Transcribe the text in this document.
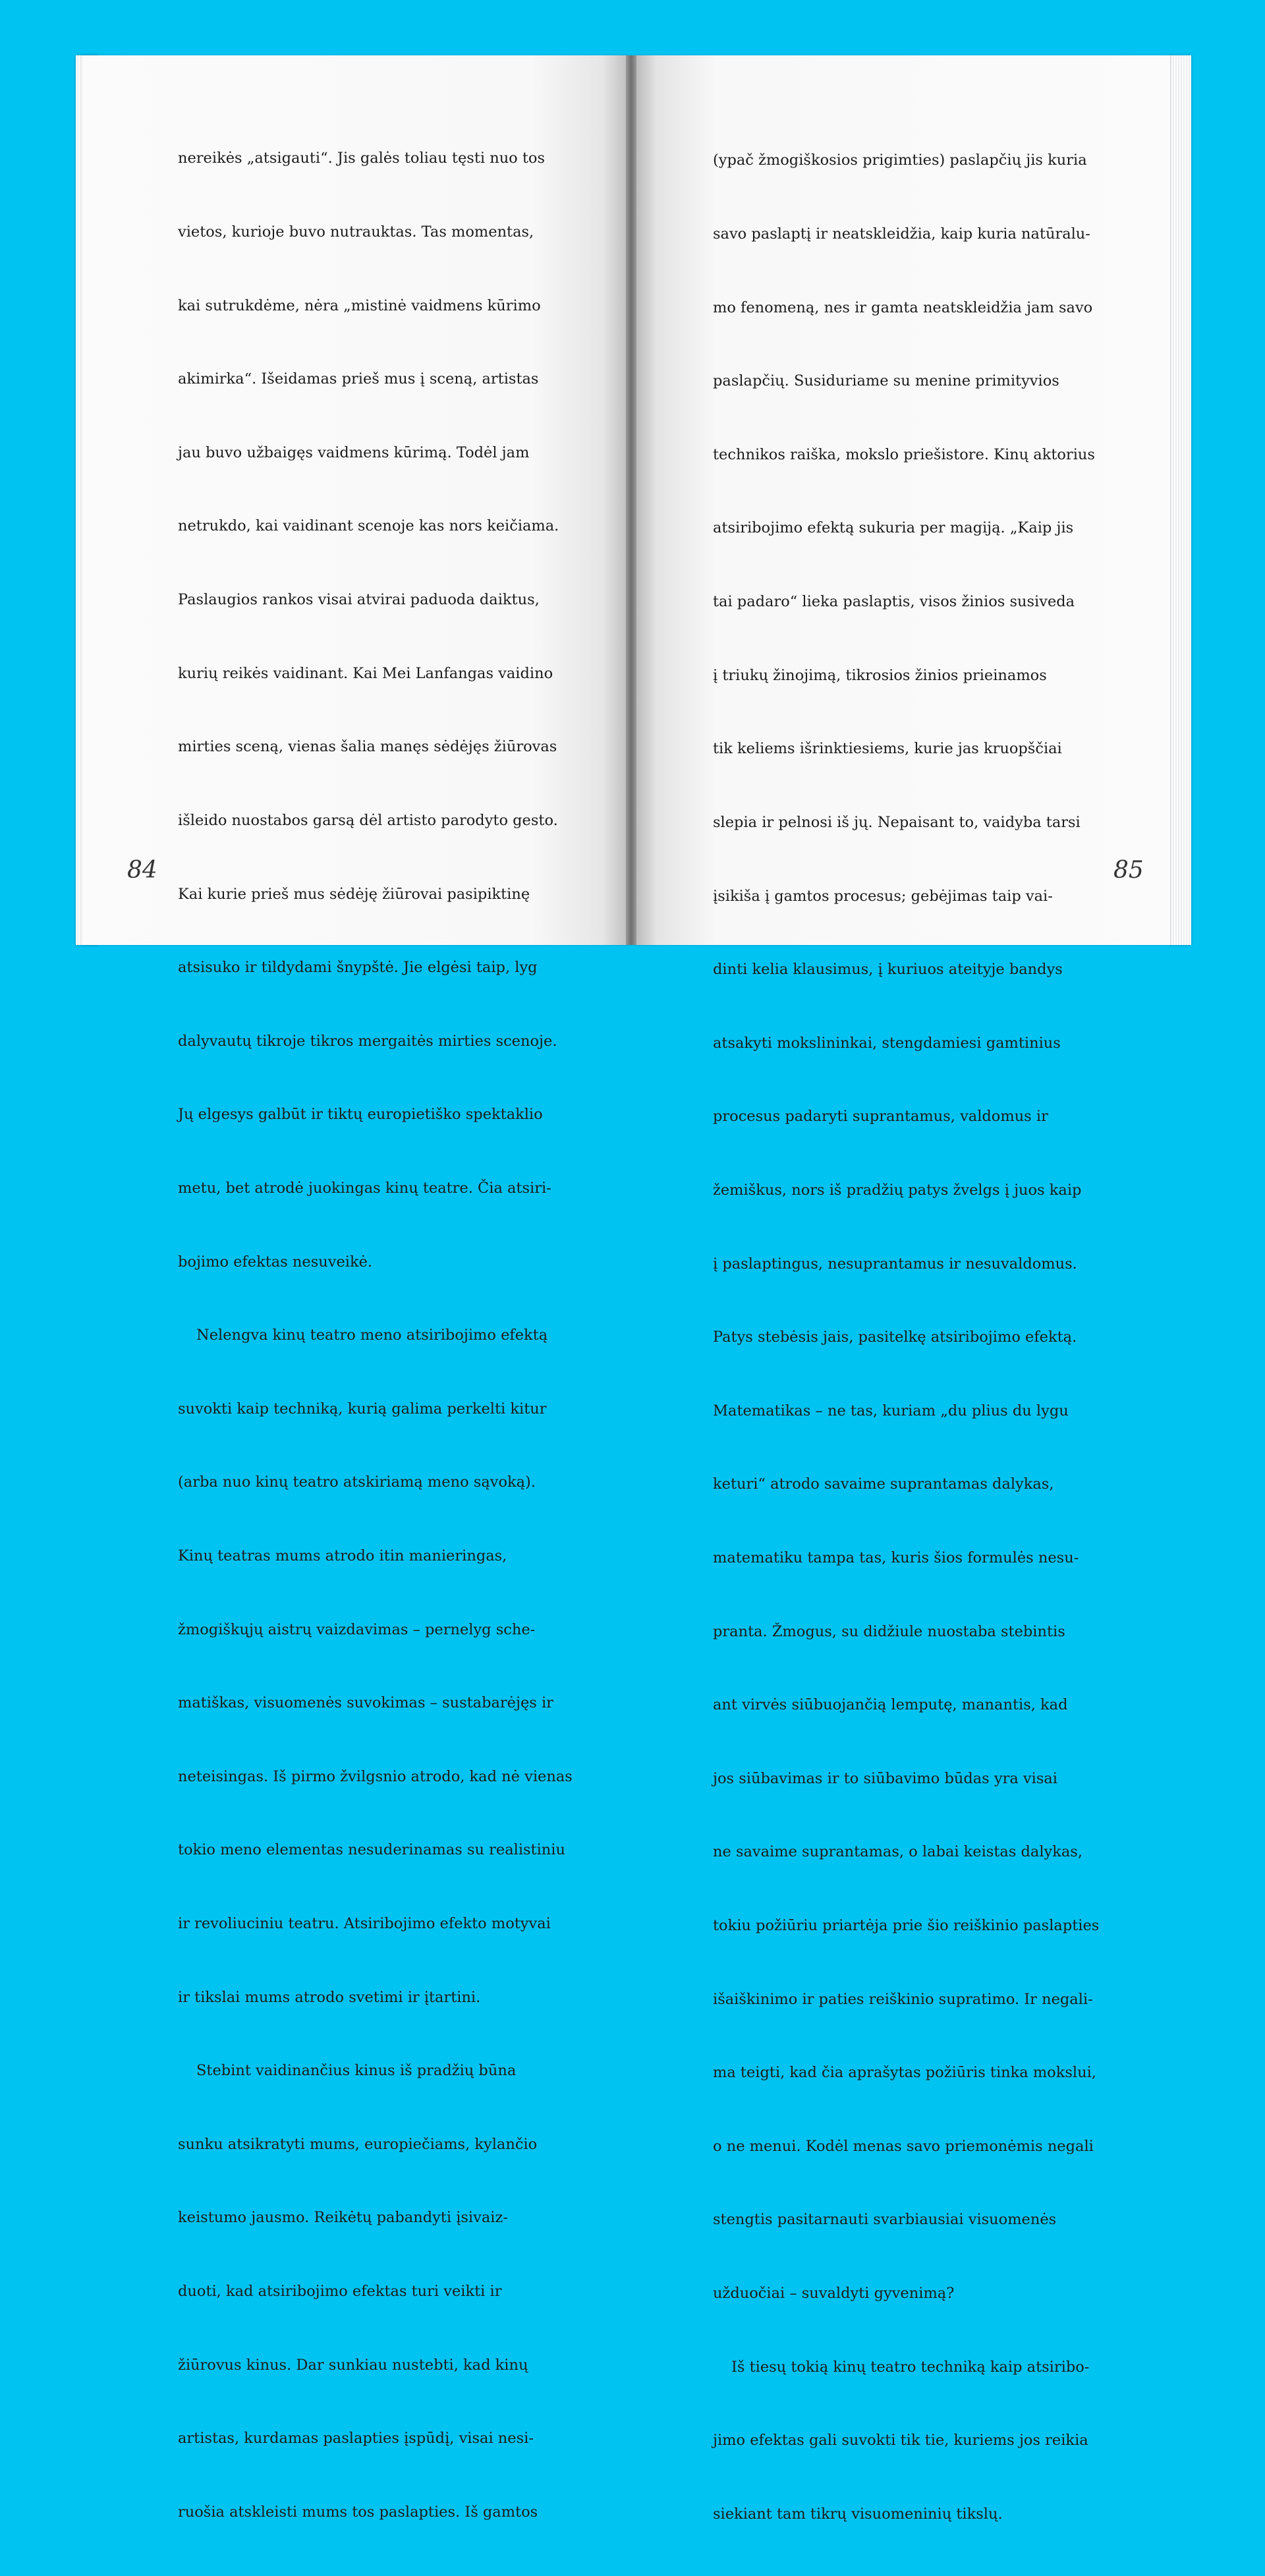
nereikės „atsigauti“. Jis galės toliau tęsti nuo tos

vietos, kurioje buvo nutrauktas. Tas momentas,

kai sutrukdėme, nėra „mistinė vaidmens kūrimo

akimirka“. Išeidamas prieš mus į sceną, artistas

jau buvo užbaigęs vaidmens kūrimą. Todėl jam

netrukdo, kai vaidinant scenoje kas nors keičiama.

Paslaugios rankos visai atvirai paduoda daiktus,

kurių reikės vaidinant. Kai Mei Lanfangas vaidino

mirties sceną, vienas šalia manęs sėdėjęs žiūrovas

išleido nuostabos garsą dėl artisto parodyto gesto.

Kai kurie prieš mus sėdėję žiūrovai pasipiktinę

atsisuko ir tildydami šnypštė. Jie elgėsi taip, lyg

dalyvautų tikroje tikros mergaitės mirties scenoje.

Jų elgesys galbūt ir tiktų europietiško spektaklio

metu, bet atrodė juokingas kinų teatre. Čia atsiri-

bojimo efektas nesuveikė.

Nelengva kinų teatro meno atsiribojimo efektą

suvokti kaip techniką, kurią galima perkelti kitur

(arba nuo kinų teatro atskiriamą meno sąvoką).

Kinų teatras mums atrodo itin manieringas,

žmogiškųjų aistrų vaizdavimas – pernelyg sche-

matiškas, visuomenės suvokimas – sustabarėjęs ir

neteisingas. Iš pirmo žvilgsnio atrodo, kad nė vienas

tokio meno elementas nesuderinamas su realistiniu

ir revoliuciniu teatru. Atsiribojimo efekto motyvai

ir tikslai mums atrodo svetimi ir įtartini.

Stebint vaidinančius kinus iš pradžių būna

sunku atsikratyti mums, europiečiams, kylančio

keistumo jausmo. Reikėtų pabandyti įsivaiz-

duoti, kad atsiribojimo efektas turi veikti ir

žiūrovus kinus. Dar sunkiau nustebti, kad kinų

artistas, kurdamas paslapties įspūdį, visai nesi-

ruošia atskleisti mums tos paslapties. Iš gamtos

(ypač žmogiškosios prigimties) paslapčių jis kuria

savo paslaptį ir neatskleidžia, kaip kuria natūralu-

mo fenomeną, nes ir gamta neatskleidžia jam savo

paslapčių. Susiduriame su menine primityvios

technikos raiška, mokslo priešistore. Kinų aktorius

atsiribojimo efektą sukuria per magiją. „Kaip jis

tai padaro“ lieka paslaptis, visos žinios susiveda

į triukų žinojimą, tikrosios žinios prieinamos

tik keliems išrinktiesiems, kurie jas kruopščiai

slepia ir pelnosi iš jų. Nepaisant to, vaidyba tarsi

įsikiša į gamtos procesus; gebėjimas taip vai-

dinti kelia klausimus, į kuriuos ateityje bandys

atsakyti mokslininkai, stengdamiesi gamtinius

procesus padaryti suprantamus, valdomus ir

žemiškus, nors iš pradžių patys žvelgs į juos kaip

į paslaptingus, nesuprantamus ir nesuvaldomus.

Patys stebėsis jais, pasitelkę atsiribojimo efektą.

Matematikas – ne tas, kuriam „du plius du lygu

keturi“ atrodo savaime suprantamas dalykas,

matematiku tampa tas, kuris šios formulės nesu-

pranta. Žmogus, su didžiule nuostaba stebintis

ant virvės siūbuojančią lemputę, manantis, kad

jos siūbavimas ir to siūbavimo būdas yra visai

ne savaime suprantamas, o labai keistas dalykas,

tokiu požiūriu priartėja prie šio reiškinio paslapties

išaiškinimo ir paties reiškinio supratimo. Ir negali-

ma teigti, kad čia aprašytas požiūris tinka mokslui,

o ne menui. Kodėl menas savo priemonėmis negali

stengtis pasitarnauti svarbiausiai visuomenės

užduočiai – suvaldyti gyvenimą?

Iš tiesų tokią kinų teatro techniką kaip atsiribo-

jimo efektas gali suvokti tik tie, kuriems jos reikia

siekiant tam tikrų visuomeninių tikslų.

84	85
